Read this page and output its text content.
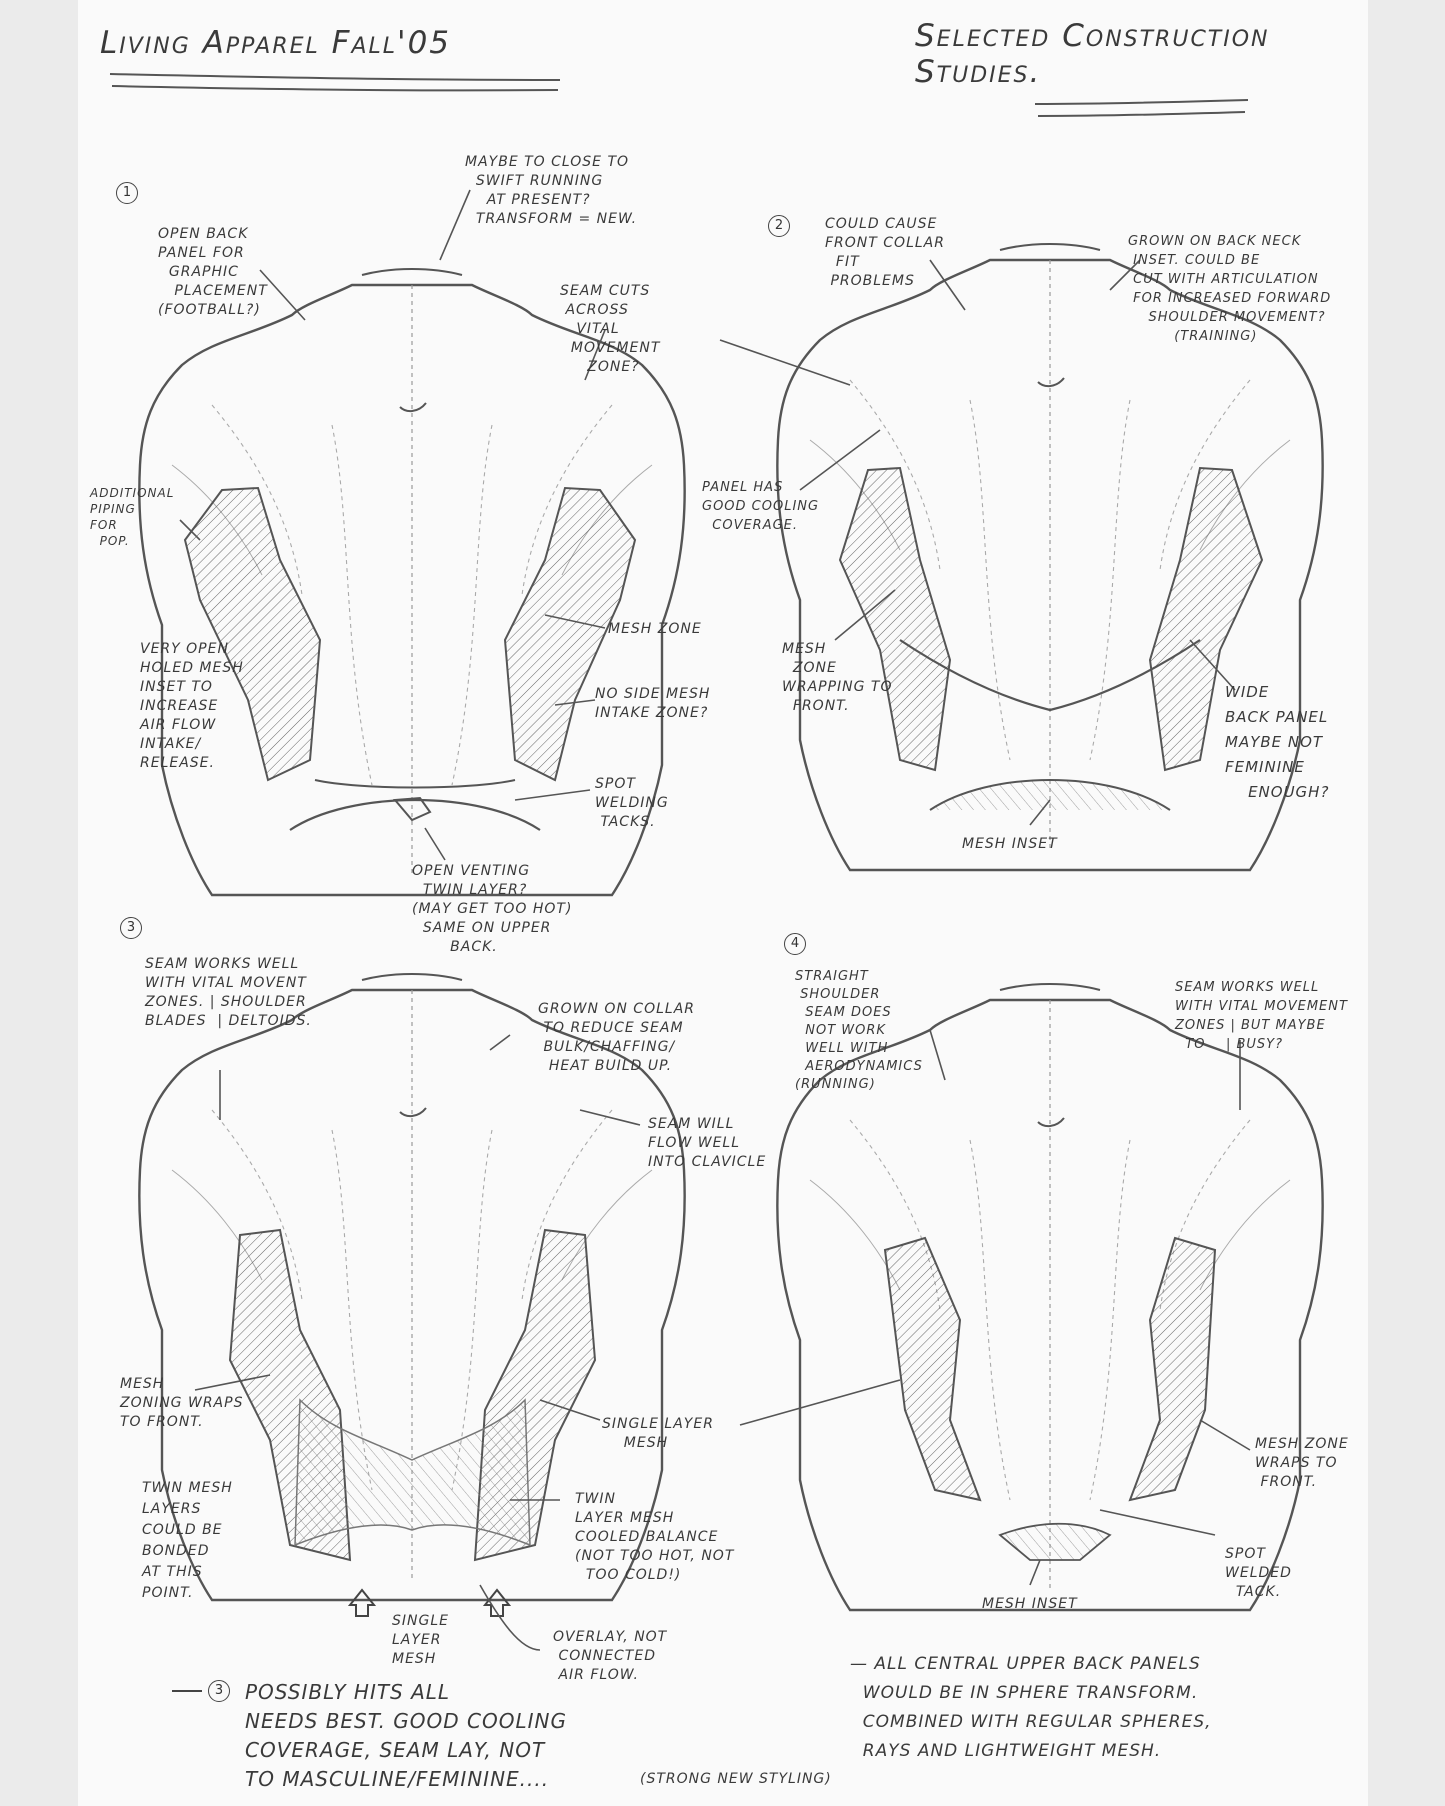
Living Apparel Fall'05	Selected Construction
Studies.
1
MAYBE TO CLOSE TO
SWIFT RUNNING
AT PRESENT?
TRANSFORM = NEW.
OPEN BACK
PANEL FOR
GRAPHIC
PLACEMENT
(FOOTBALL?)
SEAM CUTS
ACROSS
VITAL
MOVEMENT
ZONE?
ADDITIONAL
PIPING
FOR
POP.
MESH ZONE
VERY OPEN
HOLED MESH
INSET TO
INCREASE
AIR FLOW
INTAKE/
RELEASE.
NO SIDE MESH
INTAKE ZONE?
SPOT
WELDING
TACKS.
OPEN VENTING
TWIN LAYER?
(MAY GET TOO HOT)
SAME ON UPPER
BACK.
2	COULD CAUSE
FRONT COLLAR
FIT
PROBLEMS
GROWN ON BACK NECK
INSET. COULD BE
CUT WITH ARTICULATION
FOR INCREASED FORWARD
SHOULDER MOVEMENT?
(TRAINING)
PANEL HAS
GOOD COOLING
COVERAGE.
MESH
ZONE
WRAPPING TO
FRONT.
WIDE
BACK PANEL
MAYBE NOT
FEMININE
ENOUGH?
MESH INSET
3
SEAM WORKS WELL
WITH VITAL MOVENT
ZONES. | SHOULDER
BLADES  | DELTOIDS.
GROWN ON COLLAR
TO REDUCE SEAM
BULK/CHAFFING/
HEAT BUILD UP.
SEAM WILL
FLOW WELL
INTO CLAVICLE
MESH
ZONING WRAPS
TO FRONT.	SINGLE LAYER
MESH
TWIN MESH
LAYERS
COULD BE
BONDED
AT THIS
POINT.
TWIN
LAYER MESH
COOLED BALANCE
(NOT TOO HOT, NOT
TOO COLD!)
SINGLE
LAYER
MESH
OVERLAY, NOT
CONNECTED
AIR FLOW.
4
STRAIGHT
SHOULDER
SEAM DOES
NOT WORK
WELL WITH
AERODYNAMICS
(RUNNING)
SEAM WORKS WELL
WITH VITAL MOVEMENT
ZONES | BUT MAYBE
TO    | BUSY?
MESH ZONE
WRAPS TO
FRONT.
SPOT
WELDED
TACK.
MESH INSET
3	POSSIBLY HITS ALL
NEEDS BEST. GOOD COOLING
COVERAGE, SEAM LAY, NOT
TO MASCULINE/FEMININE....	(STRONG NEW STYLING)
— ALL CENTRAL UPPER BACK PANELS
WOULD BE IN SPHERE TRANSFORM.
COMBINED WITH REGULAR SPHERES,
RAYS AND LIGHTWEIGHT MESH.
